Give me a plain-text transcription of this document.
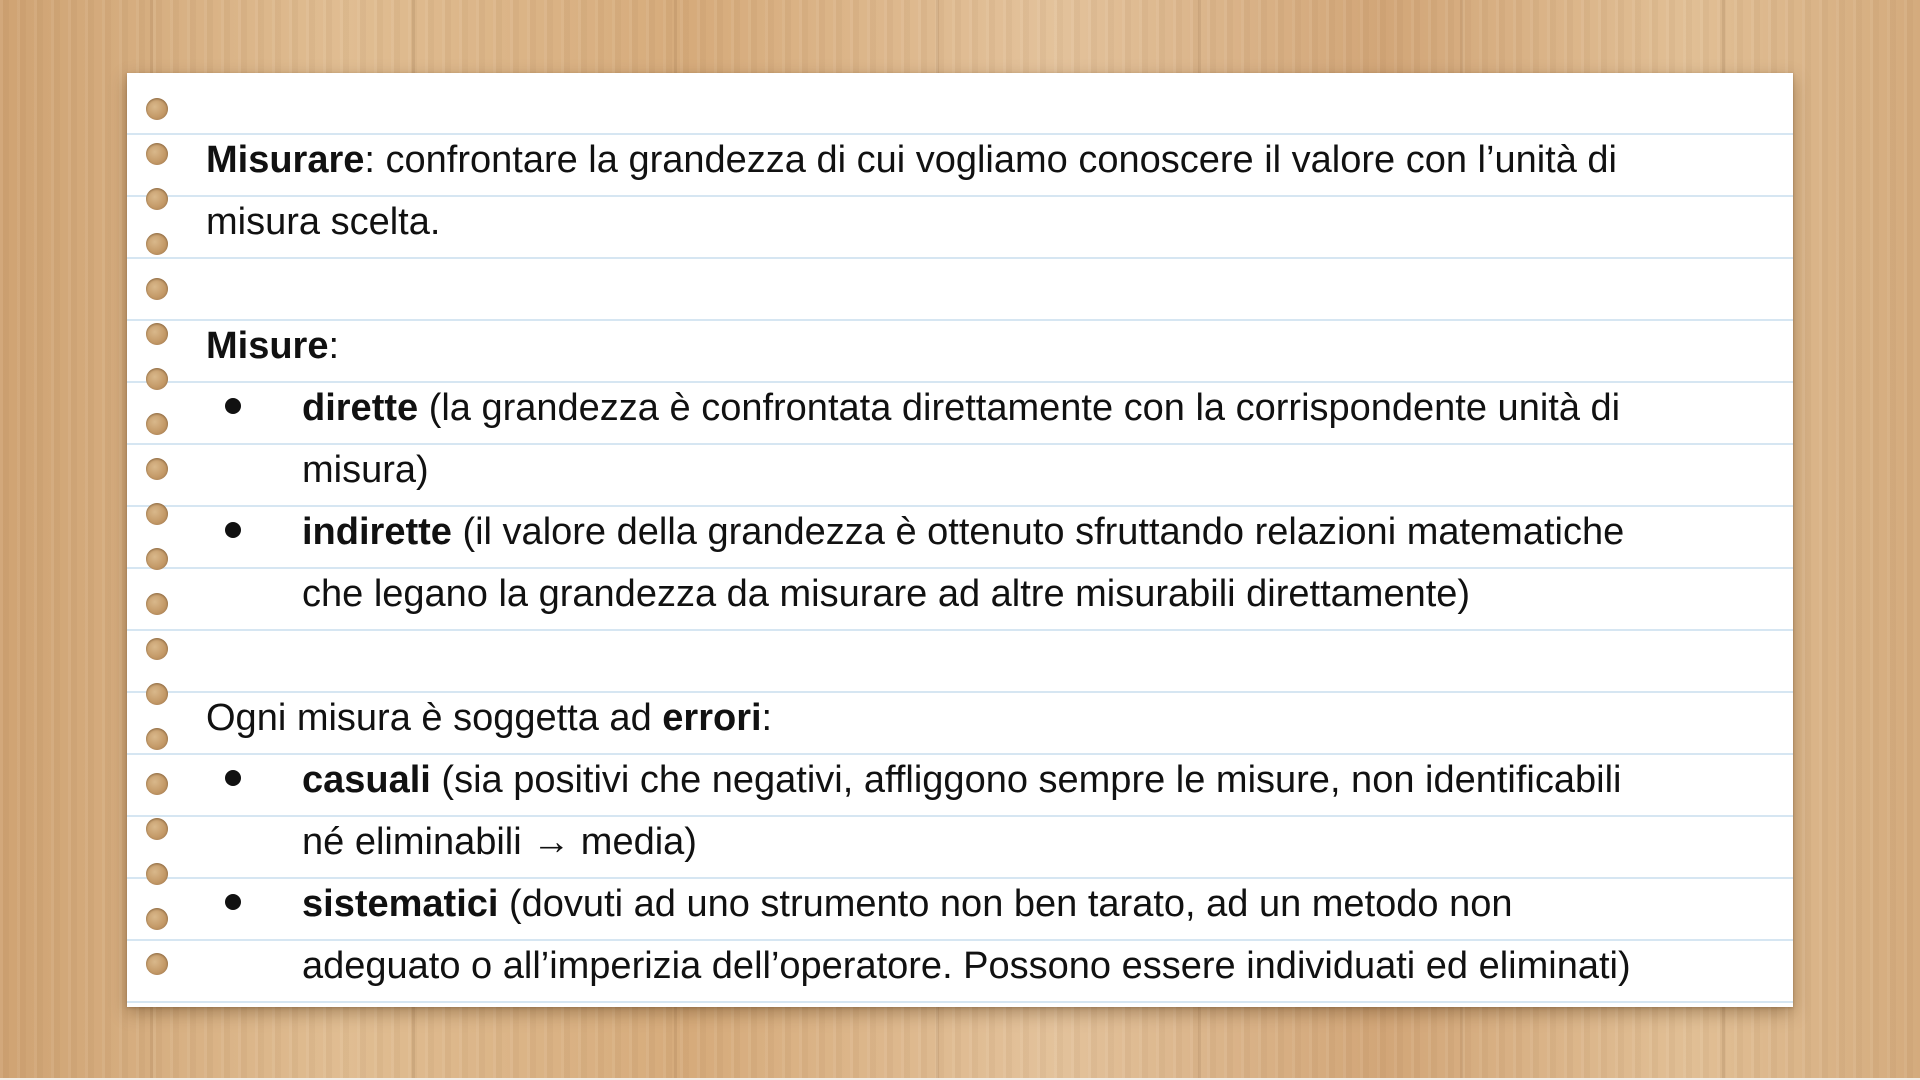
Misurare: confrontare la grandezza di cui vogliamo conoscere il valore con l’unità di
misura scelta.
Misure:
dirette (la grandezza è confrontata direttamente con la corrispondente unità di
misura)
indirette (il valore della grandezza è ottenuto sfruttando relazioni matematiche
che legano la grandezza da misurare ad altre misurabili direttamente)
Ogni misura è soggetta ad errori:
casuali (sia positivi che negativi, affliggono sempre le misure, non identificabili
né eliminabili → media)
sistematici (dovuti ad uno strumento non ben tarato, ad un metodo non
adeguato o all’imperizia dell’operatore. Possono essere individuati ed eliminati)
